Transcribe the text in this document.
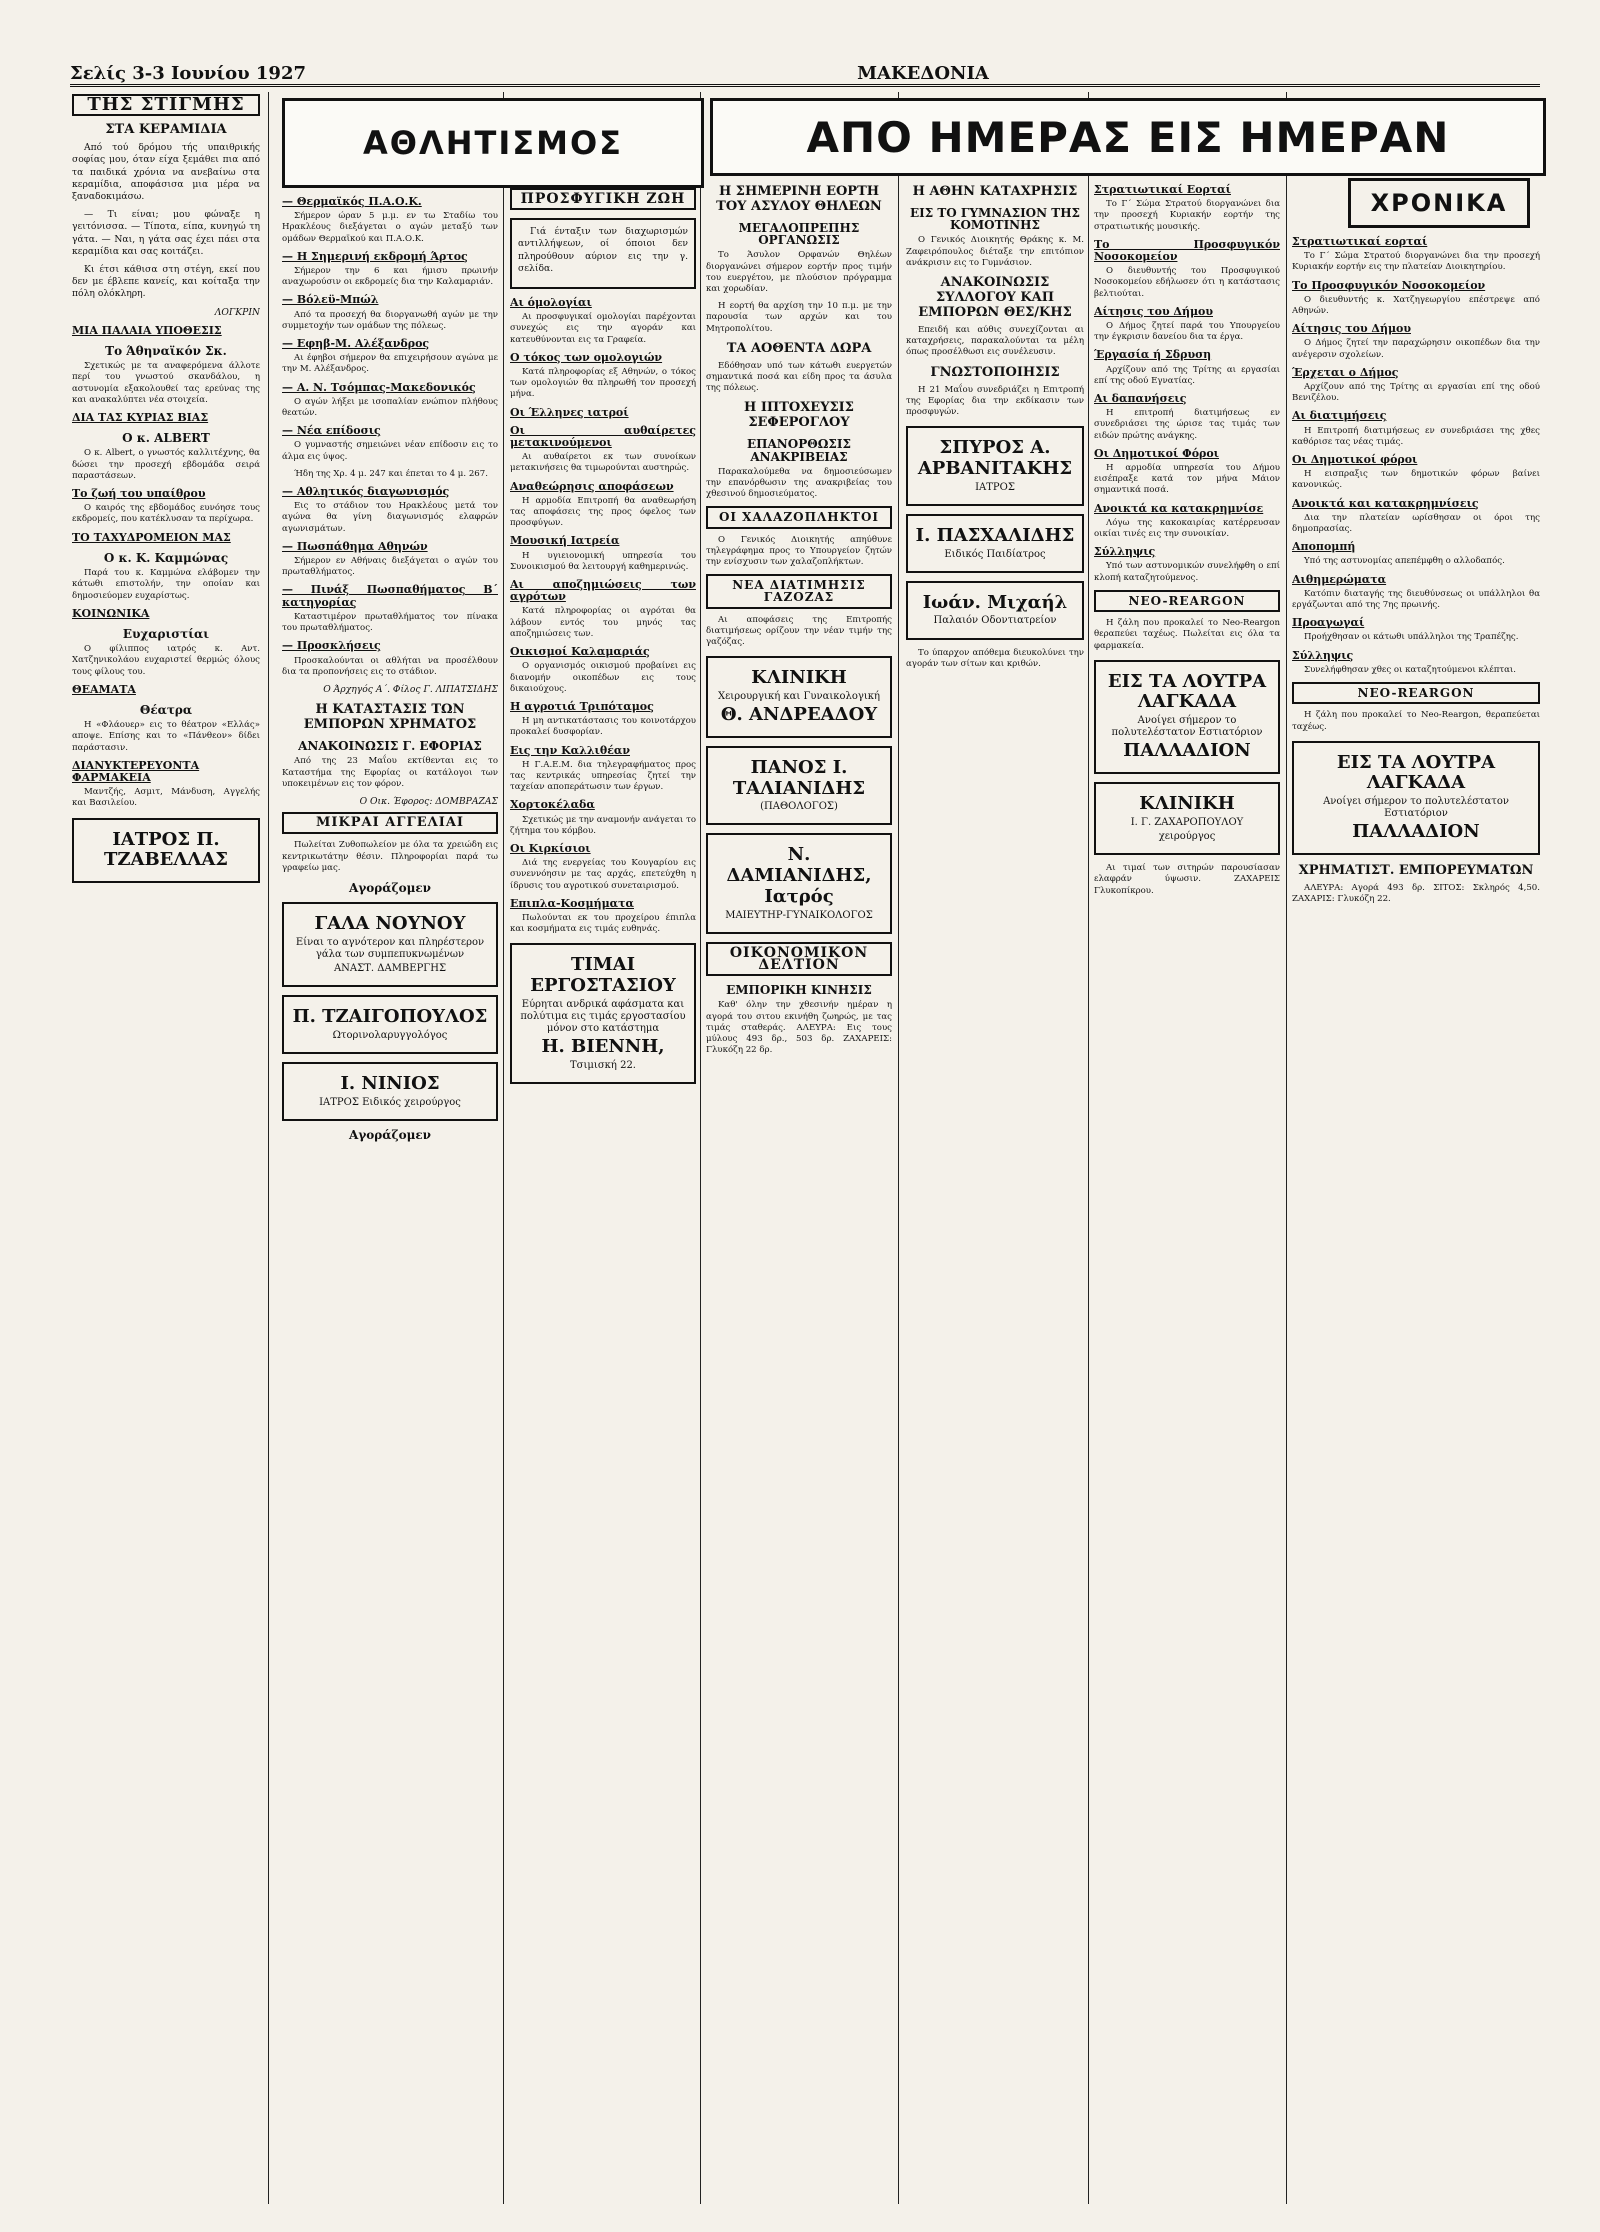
Σελίς 3-3 Ιουνίου 1927	ΜΑΚΕΔΟΝΙΑ
ΑΘΛΗΤΙΣΜΟΣ	ΑΠΟ ΗΜΕΡΑΣ ΕΙΣ ΗΜΕΡΑΝ
ΧΡΟΝΙΚΑ
ΤΗΣ ΣΤΙΓΜΗΣ
ΣΤΑ ΚΕΡΑΜΙΔΙΑ

Από τού δρόμου τής υπαιθρικής σοφίας μου, όταν είχα ξεμάθει πια από τα παιδικά χρόνια να ανεβαίνω στα κεραμίδια, αποφάσισα μια μέρα να ξαναδοκιμάσω.

— Τι είναι; μου φώναξε η γειτόνισσα. — Τίποτα, είπα, κυνηγώ τη γάτα. — Ναι, η γάτα σας έχει πάει στα κεραμίδια και σας κοιτάζει.

Κι έτσι κάθισα στη στέγη, εκεί που δεν με έβλεπε κανείς, και κοίταξα την πόλη ολόκληρη.

ΛΟΓΚΡΙΝ
ΜΙΑ ΠΑΛΑΙΑ ΥΠΟΘΕΣΙΣ
Το Άθηναϊκόν Σκ.

Σχετικώς με τα αναφερόμενα άλλοτε περί του γνωστού σκανδάλου, η αστυνομία εξακολουθεί τας ερεύνας της και ανακαλύπτει νέα στοιχεία.

ΔΙΑ ΤΑΣ ΚΥΡΙΑΣ ΒΙΑΣ
Ο κ. ALBERT

Ο κ. Albert, ο γνωστός καλλιτέχνης, θα δώσει την προσεχή εβδομάδα σειρά παραστάσεων.

Το ζωή του υπαίθρου

Ο καιρός της εβδομάδος ευνόησε τους εκδρομείς, που κατέκλυσαν τα περίχωρα.

ΤΟ ΤΑΧΥΔΡΟΜΕΙΟΝ ΜΑΣ
Ο κ. Κ. Καμμώνας

Παρά του κ. Καμμώνα ελάβομεν την κάτωθι επιστολήν, την οποίαν και δημοσιεύομεν ευχαρίστως.

ΚΟΙΝΩΝΙΚΑ
Ευχαριστίαι

Ο φίλιππος ιατρός κ. Αντ. Χατζηνικολάου ευχαριστεί θερμώς όλους τους φίλους του.

ΘΕΑΜΑΤΑ
Θέατρα

Η «Φλάουερ» εις το θέατρον «Ελλάς» αποψε. Επίσης και το «Πάνθεον» δίδει παράστασιν.

ΔΙΑΝΥΚΤΕΡΕΥΟΝΤΑ ΦΑΡΜΑΚΕΙΑ

Μαντζής, Ασμιτ, Μάνδυση, Αγγελής και Βασιλείου.

ΙΑΤΡΟΣ Π. ΤΖΑΒΕΛΛΑΣ
— Θερμαϊκός Π.Α.Ο.Κ.

Σήμερον ώραν 5 μ.μ. εν τω Σταδίω του Ηρακλέους διεξάγεται ο αγών μεταξύ των ομάδων Θερμαϊκού και Π.Α.Ο.Κ.

— Η Σημερινή εκδρομή Άρτος

Σήμερον την 6 και ήμισυ πρωινήν αναχωρούσιν οι εκδρομείς δια την Καλαμαριάν.

— Βόλεϋ-Μπώλ

Από τα προσεχή θα διοργανωθή αγών με την συμμετοχήν των ομάδων της πόλεως.

— Εφηβ-Μ. Αλέξανδρος

Αι έφηβοι σήμερον θα επιχειρήσουν αγώνα με την Μ. Αλέξανδρος.

— Α. Ν. Τσόμπας-Μακεδονικός

Ο αγών λήξει με ισοπαλίαν ενώπιον πλήθους θεατών.

— Νέα επίδοσις

Ο γυμναστής σημειώνει νέαν επίδοσιν εις το άλμα εις ύψος.

Ήδη της Χρ. 4 μ. 247 και έπεται το 4 μ. 267.

— Αθλητικός διαγωνισμός

Εις το στάδιον του Ηρακλέους μετά τον αγώνα θα γίνη διαγωνισμός ελαφρών αγωνισμάτων.

— Πωσπάθημα Αθηνών

Σήμερον εν Αθήναις διεξάγεται ο αγών του πρωταθλήματος.

— Πινάξ Πωσπαθήματος Β΄ κατηγορίας

Καταστιμέρον πρωταθλήματος τον πίνακα του πρωταθλήματος.

— Προσκλήσεις

Προσκαλούνται οι αθλήται να προσέλθουν δια τα προπονήσεις εις το στάδιον.

Ο Άρχηγός Α΄. Φίλος Γ. ΛΙΠΑΤΣΙΔΗΣ
Η ΚΑΤΑΣΤΑΣΙΣ ΤΩΝ ΕΜΠΟΡΩΝ ΧΡΗΜΑΤΟΣ
ΑΝΑΚΟΙΝΩΣΙΣ Γ. ΕΦΟΡΙΑΣ

Από της 23 Μαΐου εκτίθενται εις το Καταστήμα της Εφορίας οι κατάλογοι των υποκειμένων εις τον φόρον.

Ο Οικ. Έφορος: ΔΟΜΒΡΑΖΑΣ
ΜΙΚΡΑΙ ΑΓΓΕΛΙΑΙ

Πωλείται Ζυθοπωλείον με όλα τα χρειώδη εις κεντρικωτάτην θέσιν. Πληροφορίαι παρά τω γραφείω μας.

Αγοράζομεν
ΓΑΛΑ ΝΟΥΝΟΥ
Είναι το αγνότερον και πληρέστερον γάλα των συμπεπυκνωμένων
ΑΝΑΣΤ. ΔΑΜΒΕΡΓΗΣ
Π. ΤΖΑΙΓΟΠΟΥΛΟΣ
Ωτορινολαρυγγολόγος
Ι. ΝΙΝΙΟΣ
ΙΑΤΡΟΣ Ειδικός χειρούργος
Αγοράζομεν
ΠΡΟΣΦΥΓΙΚΗ ΖΩΗ

Γιά ένταξιν των διαχωρισμών αντιλλήψεων, οί όποιοι δεν πληρούθουν αύριον εις την γ. σελίδα.

Αι όμολογίαι

Αι προσφυγικαί ομολογίαι παρέχονται συνεχώς εις την αγοράν και κατευθύνονται εις τα Γραφεία.

Ο τόκος των ομολογιών

Κατά πληροφορίας εξ Αθηνών, ο τόκος των ομολογιών θα πληρωθή τον προσεχή μήνα.

Οι Έλληνες ιατροί
Οι αυθαίρετες μετακινούμενοι

Αι αυθαίρετοι εκ των συνοίκων μετακινήσεις θα τιμωρούνται αυστηρώς.

Αναθεώρησις αποφάσεων

Η αρμοδία Επιτροπή θα αναθεωρήση τας αποφάσεις της προς όφελος των προσφύγων.

Μουσική Ιατρεία

Η υγιειονομική υπηρεσία του Συνοικισμού θα λειτουργή καθημερινώς.

Αι αποζημιώσεις των αγρότων

Κατά πληροφορίας οι αγρόται θα λάβουν εντός του μηνός τας αποζημιώσεις των.

Οικισμοί Καλαμαριάς

Ο οργανισμός οικισμού προβαίνει εις διανομήν οικοπέδων εις τους δικαιούχους.

Η αγροτιά Τριπόταμος

Η μη αντικατάστασις του κοινοτάρχου προκαλεί δυσφορίαν.

Εις την Καλλιθέαν

Η Γ.Α.Ε.Μ. δια τηλεγραφήματος προς τας κεντρικάς υπηρεσίας ζητεί την ταχείαν αποπεράτωσιν των έργων.

Χορτοκέλαδα

Σχετικώς με την αναμονήν ανάγεται το ζήτημα του κόμβου.

Οι Κιρκίσιοι

Διά της ενεργείας του Κουγαρίου εις συνεννόησιν με τας αρχάς, επετεύχθη η ίδρυσις του αγροτικού συνεταιρισμού.

Επιπλα-Κοσμήματα

Πωλούνται εκ του προχείρου έπιπλα και κοσμήματα εις τιμάς ευθηνάς.

ΤΙΜΑΙ ΕΡΓΟΣΤΑΣΙΟΥ
Εύρηται ανδρικά αφάσματα και πολύτιμα εις τιμάς εργοστασίου μόνον στο κατάστημα
Η. ΒΙΕΝΝΗ,
Τσιμισκή 22.
Η ΣΗΜΕΡΙΝΗ ΕΟΡΤΗ ΤΟΥ ΑΣΥΛΟΥ ΘΗΛΕΩΝ
ΜΕΓΑΛΟΠΡΕΠΗΣ ΟΡΓΑΝΩΣΙΣ

Το Άσυλον Ορφανών Θηλέων διοργανώνει σήμερον εορτήν προς τιμήν του ευεργέτου, με πλούσιον πρόγραμμα και χορωδίαν.

Η εορτή θα αρχίση την 10 π.μ. με την παρουσία των αρχών και του Μητροπολίτου.

ΤΑ ΑΟΘΕΝΤΑ ΔΩΡΑ

Εδόθησαν υπό των κάτωθι ευεργετών σημαντικά ποσά και είδη προς τα άσυλα της πόλεως.

Η ΙΠΤΟΧΕΥΣΙΣ ΣΕΦΕΡΟΓΛΟΥ
ΕΠΑΝΟΡΘΩΣΙΣ ΑΝΑΚΡΙΒΕΙΑΣ

Παρακαλούμεθα να δημοσιεύσωμεν την επανόρθωσιν της ανακριβείας του χθεσινού δημοσιεύματος.

ΟΙ ΧΑΛΑΖΟΠΛΗΚΤΟΙ

Ο Γενικός Διοικητής απηύθυνε τηλεγράφημα προς το Υπουργείον ζητών την ενίσχυσιν των χαλαζοπλήκτων.

ΝΕΑ ΔΙΑΤΙΜΗΣΙΣ ΓΑΖΟΖΑΣ

Αι αποφάσεις της Επιτροπής διατιμήσεως ορίζουν την νέαν τιμήν της γαζόζας.

ΚΛΙΝΙΚΗ
Χειρουργική και Γυναικολογική
Θ. ΑΝΔΡΕΑΔΟΥ
ΠΑΝΟΣ Ι. ΤΑΛΙΑΝΙΔΗΣ
(ΠΑΘΟΛΟΓΟΣ)
Ν. ΔΑΜΙΑΝΙΔΗΣ, Ιατρός
ΜΑΙΕΥΤΗΡ-ΓΥΝΑΙΚΟΛΟΓΟΣ
ΟΙΚΟΝΟΜΙΚΟΝ ΔΕΛΤΙΟΝ
ΕΜΠΟΡΙΚΗ ΚΙΝΗΣΙΣ

Καθ' όλην την χθεσινήν ημέραν η αγορά του σιτου εκινήθη ζωηρώς, με τας τιμάς σταθεράς. ΑΛΕΥΡΑ: Εις τους μύλους 493 δρ., 503 δρ. ΖΑΧΑΡΕΙΣ: Γλυκόζη 22 δρ.

Η ΑΘΗΝ ΚΑΤΑΧΡΗΣΙΣ
ΕΙΣ ΤΟ ΓΥΜΝΑΣΙΟΝ ΤΗΣ ΚΟΜΟΤΙΝΗΣ

Ο Γενικός Διοικητής Θράκης κ. Μ. Ζαφειρόπουλος διέταξε την επιτόπιον ανάκρισιν εις το Γυμνάσιον.

ΑΝΑΚΟΙΝΩΣΙΣ ΣΥΛΛΟΓΟΥ ΚΑΠ ΕΜΠΟΡΩΝ ΘΕΣ/ΚΗΣ

Επειδή και αύθις συνεχίζονται αι καταχρήσεις, παρακαλούνται τα μέλη όπως προσέλθωσι εις συνέλευσιν.

ΓΝΩΣΤΟΠΟΙΗΣΙΣ

Η 21 Μαΐου συνεδριάζει η Επιτροπή της Εφορίας δια την εκδίκασιν των προσφυγών.

ΣΠΥΡΟΣ Α. ΑΡΒΑΝΙΤΑΚΗΣ
ΙΑΤΡΟΣ
Ι. ΠΑΣΧΑΛΙΔΗΣ
Ειδικός Παιδίατρος
Ιωάν. Μιχαήλ
Παλαιόν Οδοντιατρείον

Το ύπαρχον απόθεμα διευκολύνει την αγοράν των σίτων και κριθών.

Στρατιωτικαί Εορταί

Το Γ΄ Σώμα Στρατού διοργανώνει δια την προσεχή Κυριακήν εορτήν της στρατιωτικής μουσικής.

Το Προσφυγικόν Νοσοκομείον

Ο διευθυντής του Προσφυγικού Νοσοκομείου εδήλωσεν ότι η κατάστασις βελτιούται.

Αίτησις του Δήμου

Ο Δήμος ζητεί παρά του Υπουργείου την έγκρισιν δανείου δια τα έργα.

Έργασία ή Σδρυση

Αρχίζουν από της Τρίτης αι εργασίαι επί της οδού Εγνατίας.

Αι δαπανήσεις

Η επιτροπή διατιμήσεως εν συνεδριάσει της ώρισε τας τιμάς των ειδών πρώτης ανάγκης.

Οι Δημοτικοί Φόροι

Η αρμοδία υπηρεσία του Δήμου εισέπραξε κατά τον μήνα Μάιον σημαντικά ποσά.

Ανοικτά κα κατακρημνίσε

Λόγω της κακοκαιρίας κατέρρευσαν οικίαι τινές εις την συνοικίαν.

Σύλληψις

Υπό των αστυνομικών συνελήφθη ο επί κλοπή καταζητούμενος.

NEO-REARGON

Η ζάλη που προκαλεί το Neo-Reargon θεραπεύει ταχέως. Πωλείται εις όλα τα φαρμακεία.

ΕΙΣ ΤΑ ΛΟΥΤΡΑ ΛΑΓΚΑΔΑ
Ανοίγει σήμερον το πολυτελέστατον Εστιατόριον
ΠΑΛΛΑΔΙΟΝ
ΚΛΙΝΙΚΗ
Ι. Γ. ΖΑΧΑΡΟΠΟΥΛΟΥ
χειρούργος

Αι τιμαί των σιτηρών παρουσίασαν ελαφράν ύψωσιν. ΖΑΧΑΡΕΙΣ Γλυκοπίκρου.

Στρατιωτικαί εορταί

Το Γ΄ Σώμα Στρατού διοργανώνει δια την προσεχή Κυριακήν εορτήν εις την πλατείαν Διοικητηρίου.

Το Προσφυγικόν Νοσοκομείον

Ο διευθυντής κ. Χατζηγεωργίου επέστρεψε από Αθηνών.

Αίτησις του Δήμου

Ο Δήμος ζητεί την παραχώρησιν οικοπέδων δια την ανέγερσιν σχολείων.

Έρχεται ο Δήμος

Αρχίζουν από της Τρίτης αι εργασίαι επί της οδού Βενιζέλου.

Αι διατιμήσεις

Η Επιτροπή διατιμήσεως εν συνεδριάσει της χθες καθόρισε τας νέας τιμάς.

Οι Δημοτικοί φόροι

Η εισπραξις των δημοτικών φόρων βαίνει κανονικώς.

Ανοικτά και κατακρημνίσεις

Δια την πλατείαν ωρίσθησαν οι όροι της δημοπρασίας.

Αποπομπή

Υπό της αστυνομίας απεπέμφθη ο αλλοδαπός.

Αιθημερώματα

Κατόπιν διαταγής της διευθύνσεως οι υπάλληλοι θα εργάζωνται από της 7ης πρωινής.

Προαγωγαί

Προήχθησαν οι κάτωθι υπάλληλοι της Τραπέζης.

Σύλληψις

Συνελήφθησαν χθες οι καταζητούμενοι κλέπται.

NEO-REARGON

Η ζάλη που προκαλεί το Neo-Reargon, θεραπεύεται ταχέως.

ΕΙΣ ΤΑ ΛΟΥΤΡΑ ΛΑΓΚΑΔΑ
Ανοίγει σήμερον το πολυτελέστατον Εστιατόριον
ΠΑΛΛΑΔΙΟΝ
ΧΡΗΜΑΤΙΣΤ. ΕΜΠΟΡΕΥΜΑΤΩΝ

ΑΛΕΥΡΑ: Αγορά 493 δρ. ΣΙΤΟΣ: Σκληρός 4,50. ΖΑΧΑΡΙΣ: Γλυκόζη 22.
